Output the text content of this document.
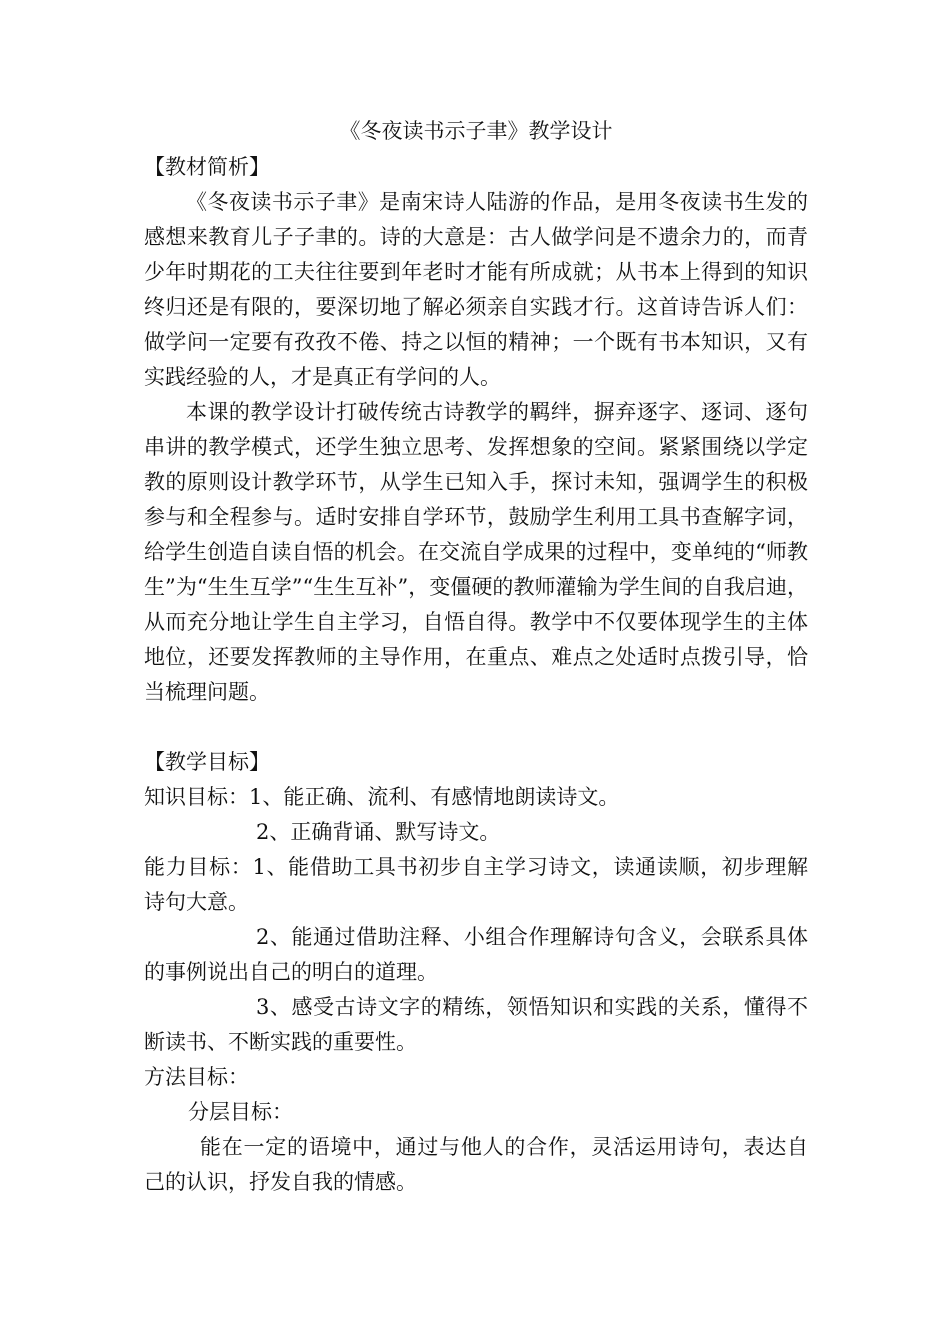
《冬夜读书示子聿》教学设计

【教材简析】

《冬夜读书示子聿》是南宋诗人陆游的作品，是用冬夜读书生发的感想来教育儿子子聿的。诗的大意是：古人做学问是不遗余力的，而青少年时期花的工夫往往要到年老时才能有所成就；从书本上得到的知识终归还是有限的，要深切地了解必须亲自实践才行。这首诗告诉人们：做学问一定要有孜孜不倦、持之以恒的精神；一个既有书本知识，又有实践经验的人，才是真正有学问的人。

本课的教学设计打破传统古诗教学的羁绊，摒弃逐字、逐词、逐句串讲的教学模式，还学生独立思考、发挥想象的空间。紧紧围绕以学定教的原则设计教学环节，从学生已知入手，探讨未知，强调学生的积极参与和全程参与。适时安排自学环节，鼓励学生利用工具书查解字词，给学生创造自读自悟的机会。在交流自学成果的过程中，变单纯的“师教生”为“生生互学”“生生互补”，变僵硬的教师灌输为学生间的自我启迪，从而充分地让学生自主学习，自悟自得。教学中不仅要体现学生的主体地位，还要发挥教师的主导作用，在重点、难点之处适时点拨引导，恰当梳理问题。

【教学目标】

知识目标：1、能正确、流利、有感情地朗读诗文。

2、正确背诵、默写诗文。

能力目标：1、能借助工具书初步自主学习诗文，读通读顺，初步理解诗句大意。

2、能通过借助注释、小组合作理解诗句含义，会联系具体的事例说出自己的明白的道理。

3、感受古诗文字的精练，领悟知识和实践的关系，懂得不断读书、不断实践的重要性。

方法目标：

分层目标：

能在一定的语境中，通过与他人的合作，灵活运用诗句，表达自己的认识，抒发自我的情感。
